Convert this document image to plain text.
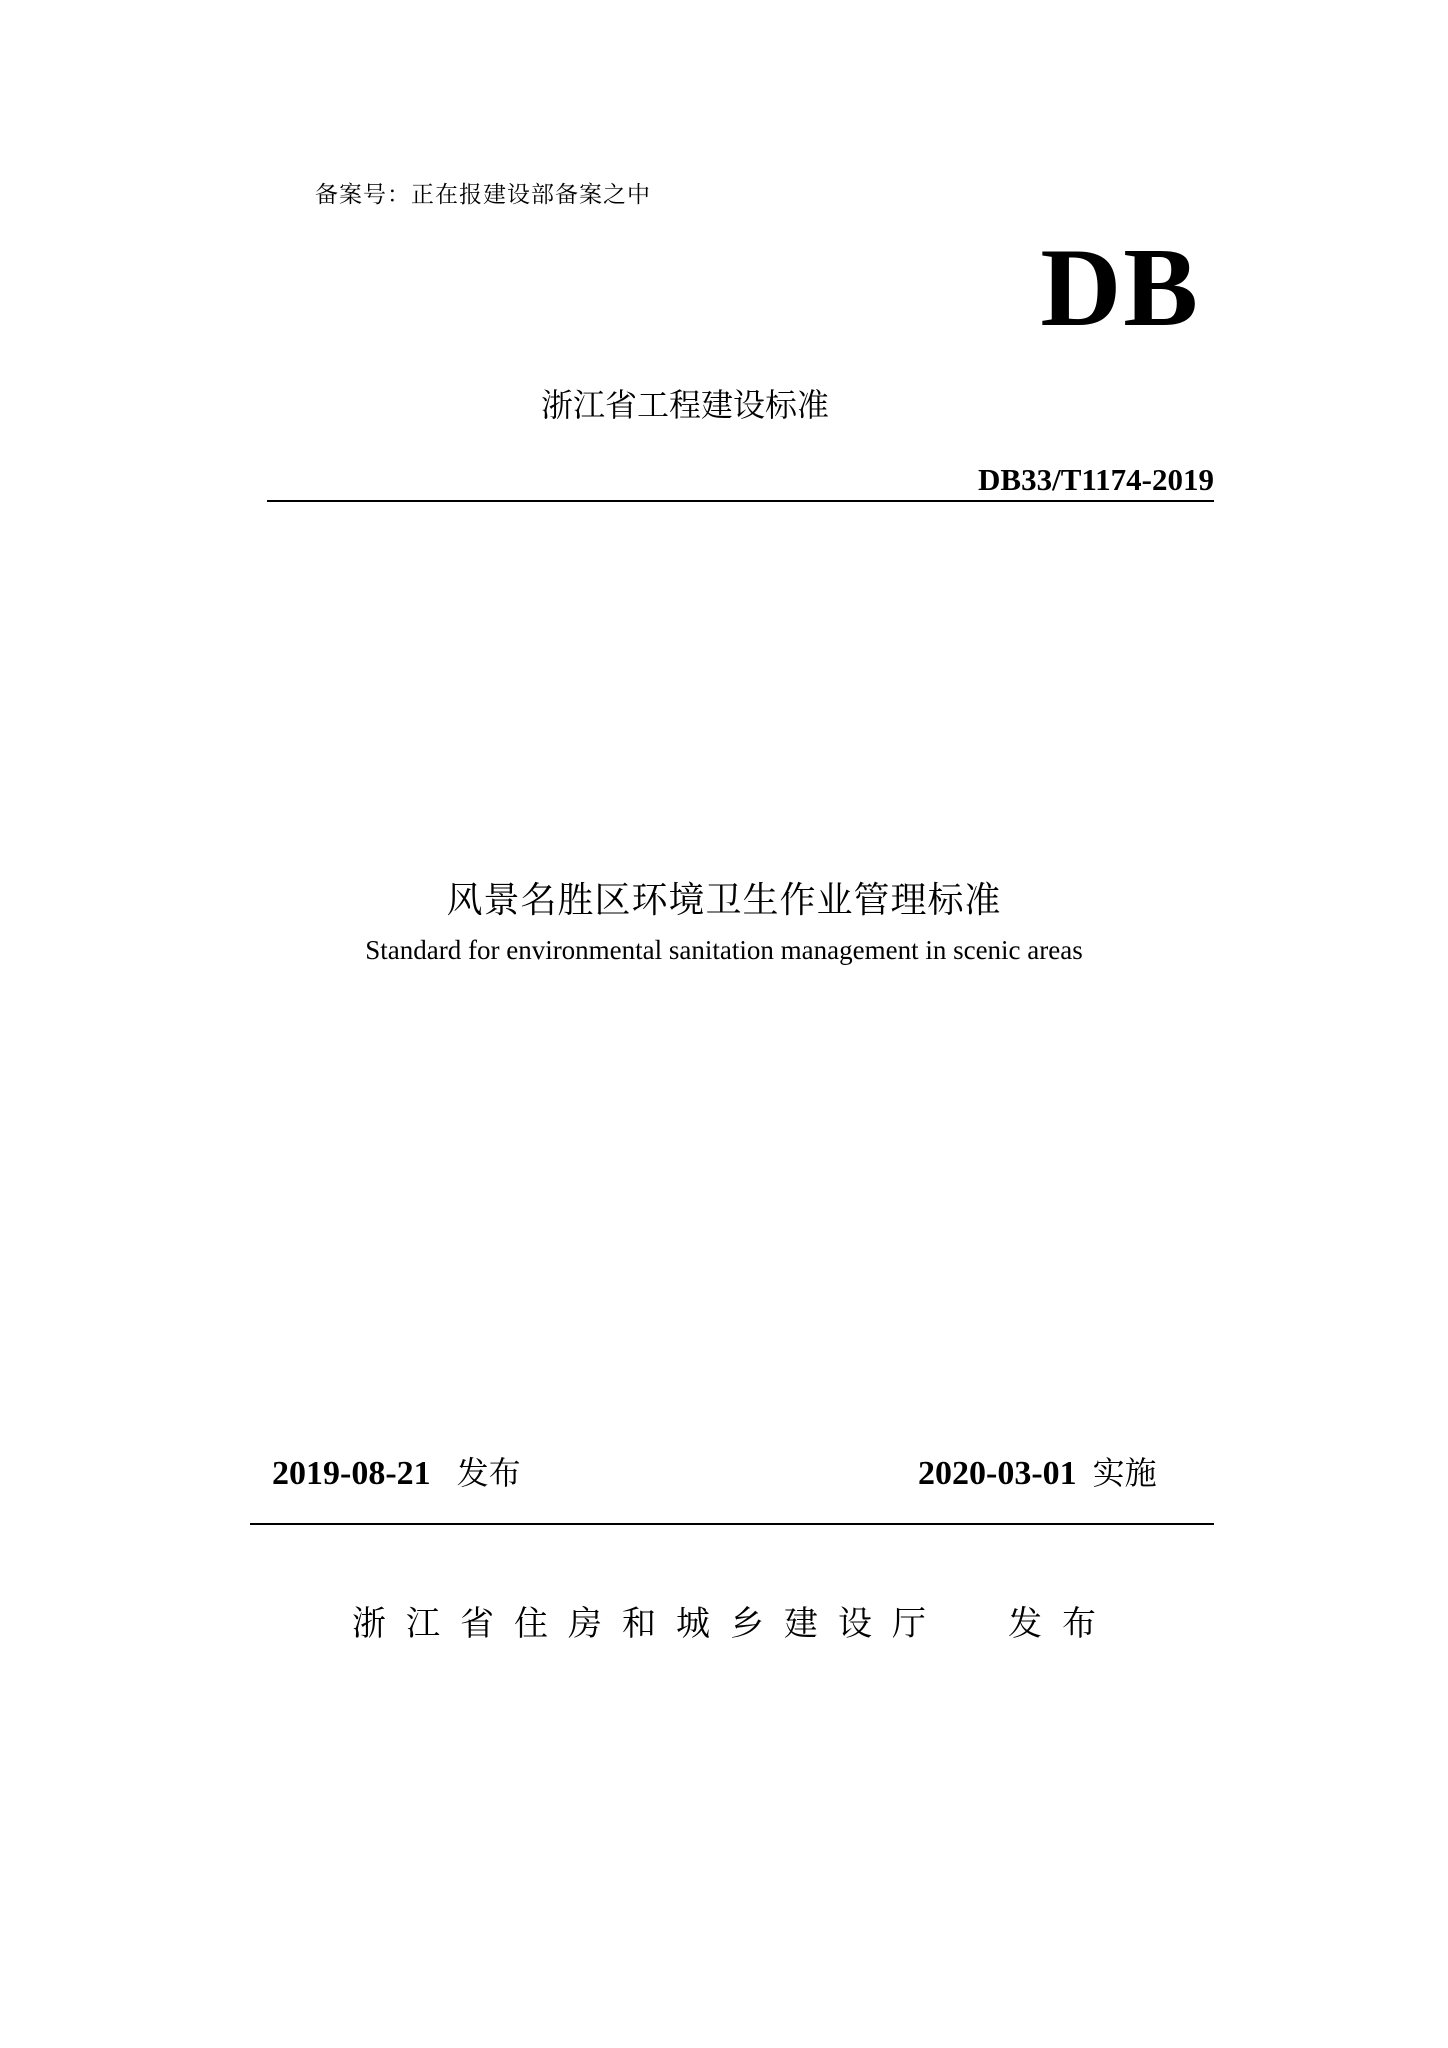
备案号：正在报建设部备案之中
DB
浙江省工程建设标准
DB33/T1174-2019
风景名胜区环境卫生作业管理标准
Standard for environmental sanitation management in scenic areas
2019-08-21 发布	2020-03-01 实施
浙江省住房和城乡建设厅 发布
